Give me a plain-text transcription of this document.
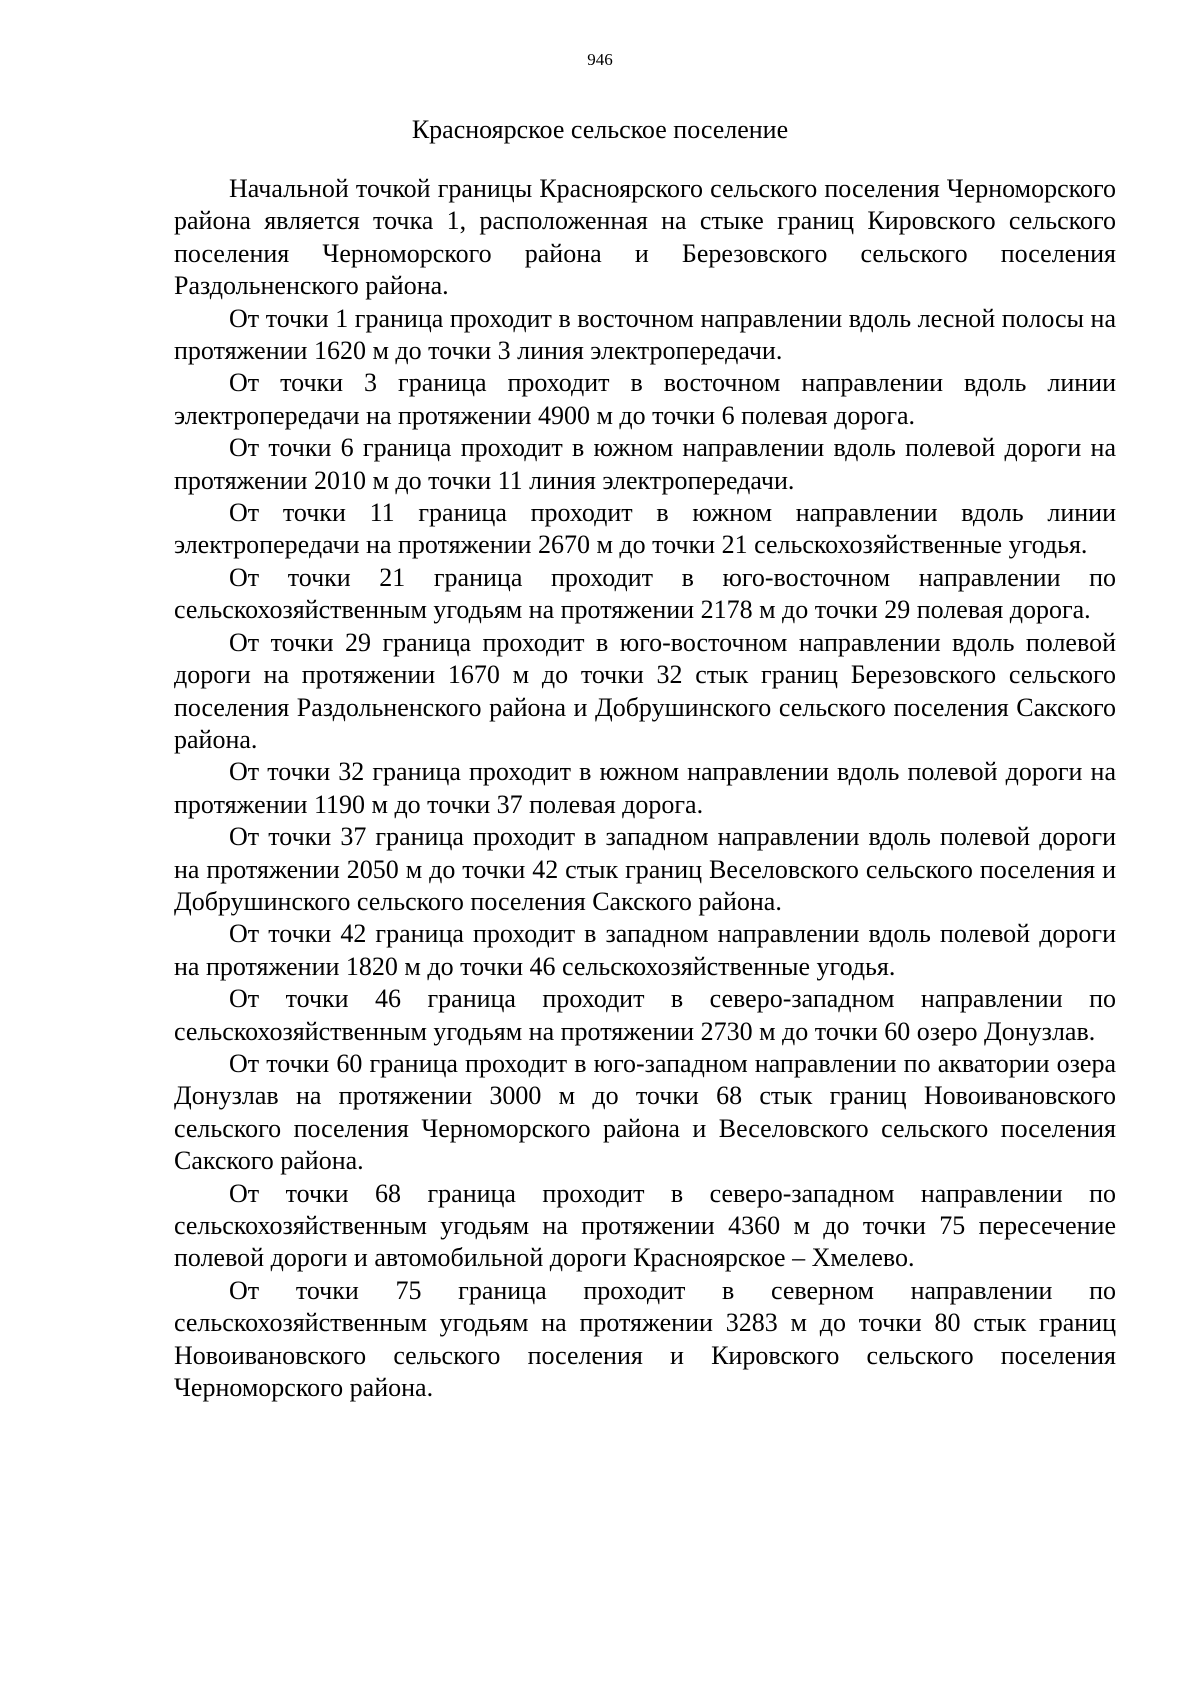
946
Красноярское сельское поселение

Начальной точкой границы Красноярского сельского поселения Черноморского района является точка 1, расположенная на стыке границ Кировского сельского поселения Черноморского района и Березовского сельского поселения Раздольненского района.

От точки 1 граница проходит в восточном направлении вдоль лесной полосы на протяжении 1620 м до точки 3 линия электропередачи.

От точки 3 граница проходит в восточном направлении вдоль линии электропередачи на протяжении 4900 м до точки 6 полевая дорога.

От точки 6 граница проходит в южном направлении вдоль полевой дороги на протяжении 2010 м до точки 11 линия электропередачи.

От точки 11 граница проходит в южном направлении вдоль линии электропередачи на протяжении 2670 м до точки 21 сельскохозяйственные угодья.

От точки 21 граница проходит в юго-восточном направлении по сельскохозяйственным угодьям на протяжении 2178 м до точки 29 полевая дорога.

От точки 29 граница проходит в юго-восточном направлении вдоль полевой дороги на протяжении 1670 м до точки 32 стык границ Березовского сельского поселения Раздольненского района и Добрушинского сельского поселения Сакского района.

От точки 32 граница проходит в южном направлении вдоль полевой дороги на протяжении 1190 м до точки 37 полевая дорога.

От точки 37 граница проходит в западном направлении вдоль полевой дороги на протяжении 2050 м до точки 42 стык границ Веселовского сельского поселения и Добрушинского сельского поселения Сакского района.

От точки 42 граница проходит в западном направлении вдоль полевой дороги на протяжении 1820 м до точки 46 сельскохозяйственные угодья.

От точки 46 граница проходит в северо-западном направлении по сельскохозяйственным угодьям на протяжении 2730 м до точки 60 озеро Донузлав.

От точки 60 граница проходит в юго-западном направлении по акватории озера Донузлав на протяжении 3000 м до точки 68 стык границ Новоивановского сельского поселения Черноморского района и Веселовского сельского поселения Сакского района.

От точки 68 граница проходит в северо-западном направлении по сельскохозяйственным угодьям на протяжении 4360 м до точки 75 пересечение полевой дороги и автомобильной дороги Красноярское – Хмелево.

От точки 75 граница проходит в северном направлении по сельскохозяйственным угодьям на протяжении 3283 м до точки 80 стык границ Новоивановского сельского поселения и Кировского сельского поселения Черноморского района.
